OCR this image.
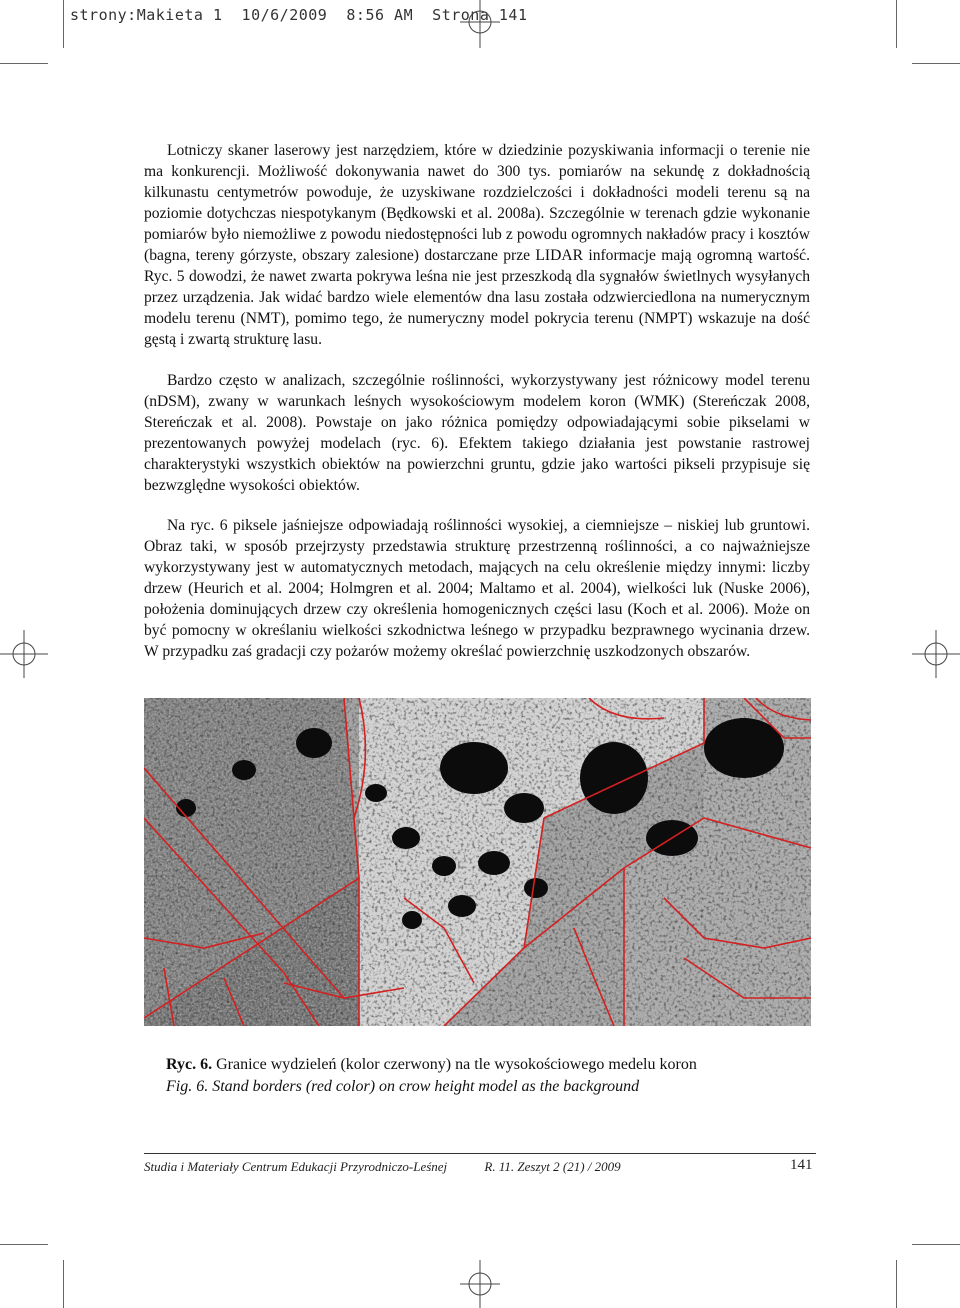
strony:Makieta 1  10/6/2009  8:56 AM  Strona 141

Lotniczy skaner laserowy jest narzędziem, które w dziedzinie pozyskiwania informacji o terenie nie ma konkurencji. Możliwość dokonywania nawet do 300 tys. pomiarów na sekundę z dokładnością kilkunastu centymetrów powoduje, że uzyskiwane rozdzielczości i dokładności modeli terenu są na poziomie dotychczas niespotykanym (Będkowski et al. 2008a). Szczególnie w terenach gdzie wykonanie pomiarów było niemożliwe z powodu niedostępności lub z powodu ogromnych nakładów pracy i kosztów (bagna, tereny górzyste, obszary zalesione) dostarczane prze LIDAR informacje mają ogromną wartość. Ryc. 5 dowodzi, że nawet zwarta pokrywa leśna nie jest przeszkodą dla sygnałów świetlnych wysyłanych przez urządzenia. Jak widać bardzo wiele elementów dna lasu została odzwierciedlona na numerycznym modelu terenu (NMT), pomimo tego, że numeryczny model pokrycia terenu (NMPT) wskazuje na dość gęstą i zwartą strukturę lasu.

Bardzo często w analizach, szczególnie roślinności, wykorzystywany jest różnicowy model terenu (nDSM), zwany w warunkach leśnych wysokościowym modelem koron (WMK) (Stereńczak 2008, Stereńczak et al. 2008). Powstaje on jako różnica pomiędzy odpowiadającymi sobie pikselami w prezentowanych powyżej modelach (ryc. 6). Efektem takiego działania jest powstanie rastrowej charakterystyki wszystkich obiektów na powierzchni gruntu, gdzie jako wartości pikseli przypisuje się bezwzględne wysokości obiektów.

Na ryc. 6 piksele jaśniejsze odpowiadają roślinności wysokiej, a ciemniejsze – niskiej lub gruntowi. Obraz taki, w sposób przejrzysty przedstawia strukturę przestrzenną roślinności, a co najważniejsze wykorzystywany jest w automatycznych metodach, mających na celu określenie między innymi: liczby drzew (Heurich et al. 2004; Holmgren et al. 2004; Maltamo et al. 2004), wielkości luk (Nuske 2006), położenia dominujących drzew czy określenia homogenicznych części lasu (Koch et al. 2006). Może on być pomocny w określaniu wielkości szkodnictwa leśnego w przypadku bezprawnego wycinania drzew. W przypadku zaś gradacji czy pożarów możemy określać powierzchnię uszkodzonych obszarów.

Ryc. 6. Granice wydzieleń (kolor czerwony) na tle wysokościowego medelu koron
Fig. 6. Stand borders (red color) on crow height model as the background
Studia i Materiały Centrum Edukacji Przyrodniczo-Leśnej	R. 11. Zeszyt 2 (21) / 2009	141
